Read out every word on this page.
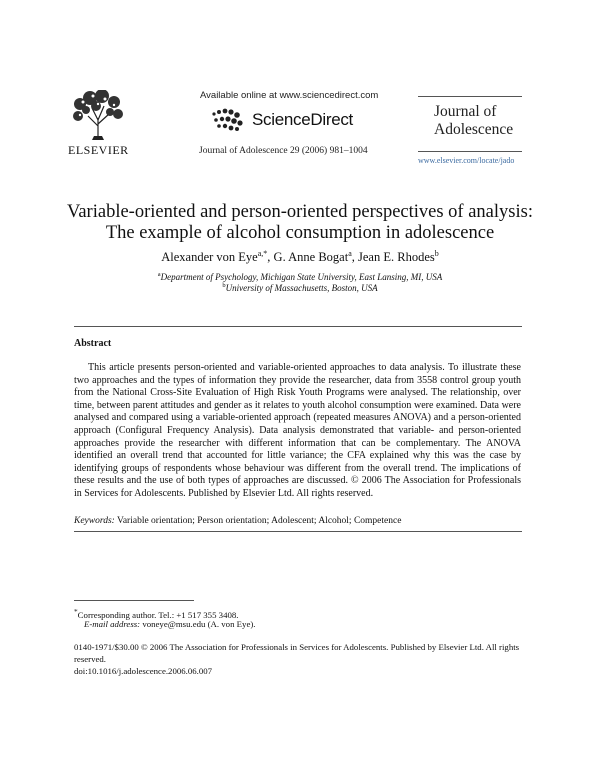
ELSEVIER
Available online at www.sciencedirect.com
ScienceDirect
Journal of Adolescence 29 (2006) 981–1004
Journal of
Adolescence
www.elsevier.com/locate/jado
Variable-oriented and person-oriented perspectives of analysis:
The example of alcohol consumption in adolescence
Alexander von Eye$^{a,*}$, G. Anne Bogat$^a$, Jean E. Rhodes$^b$
$^a$Department of Psychology, Michigan State University, East Lansing, MI, USA
$^b$University of Massachusetts, Boston, USA
Abstract
This article presents person-oriented and variable-oriented approaches to data analysis. To illustrate these two approaches and the types of information they provide the researcher, data from 3558 control group youth from the National Cross-Site Evaluation of High Risk Youth Programs were analysed. The relationship, over time, between parent attitudes and gender as it relates to youth alcohol consumption were examined. Data were analysed and compared using a variable-oriented approach (repeated measures ANOVA) and a person-oriented approach (Configural Frequency Analysis). Data analysis demonstrated that variable- and person-oriented approaches provide the researcher with different information that can be complementary. The ANOVA identified an overall trend that accounted for little variance; the CFA explained why this was the case by identifying groups of respondents whose behaviour was different from the overall trend. The implications of these results and the use of both types of approaches are discussed. © 2006 The Association for Professionals in Services for Adolescents. Published by Elsevier Ltd. All rights reserved.
Keywords: Variable orientation; Person orientation; Adolescent; Alcohol; Competence
*Corresponding author. Tel.: +1 517 355 3408.
E-mail address: voneye@msu.edu (A. von Eye).
0140-1971/$30.00 © 2006 The Association for Professionals in Services for Adolescents. Published by Elsevier Ltd. All rights reserved.
doi:10.1016/j.adolescence.2006.06.007
